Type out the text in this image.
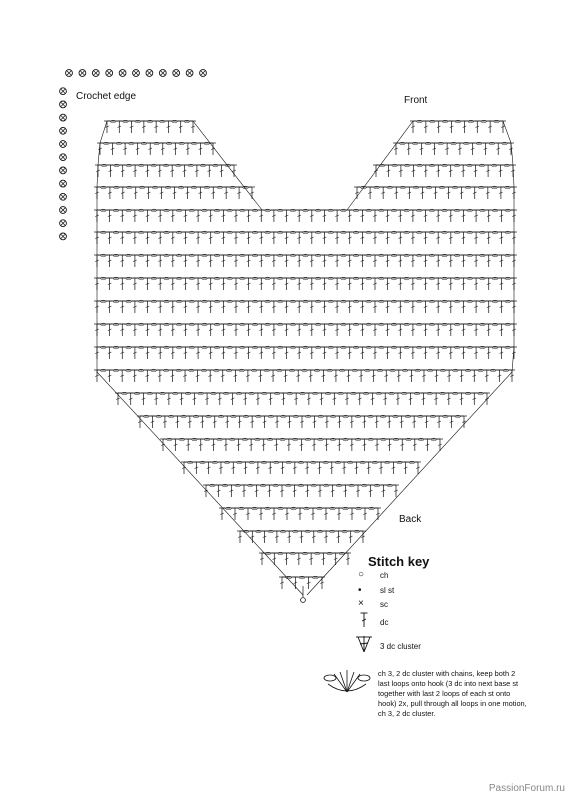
Crochet edge	Front
Back
Stitch key
○ ch
• sl st
× sc
dc
3 dc cluster
ch 3, 2 dc cluster with chains, keep both 2 last loops onto hook (3 dc into next base st together with last 2 loops of each st onto hook) 2x, pull through all loops in one motion, ch 3, 2 dc cluster.
PassionForum.ru
